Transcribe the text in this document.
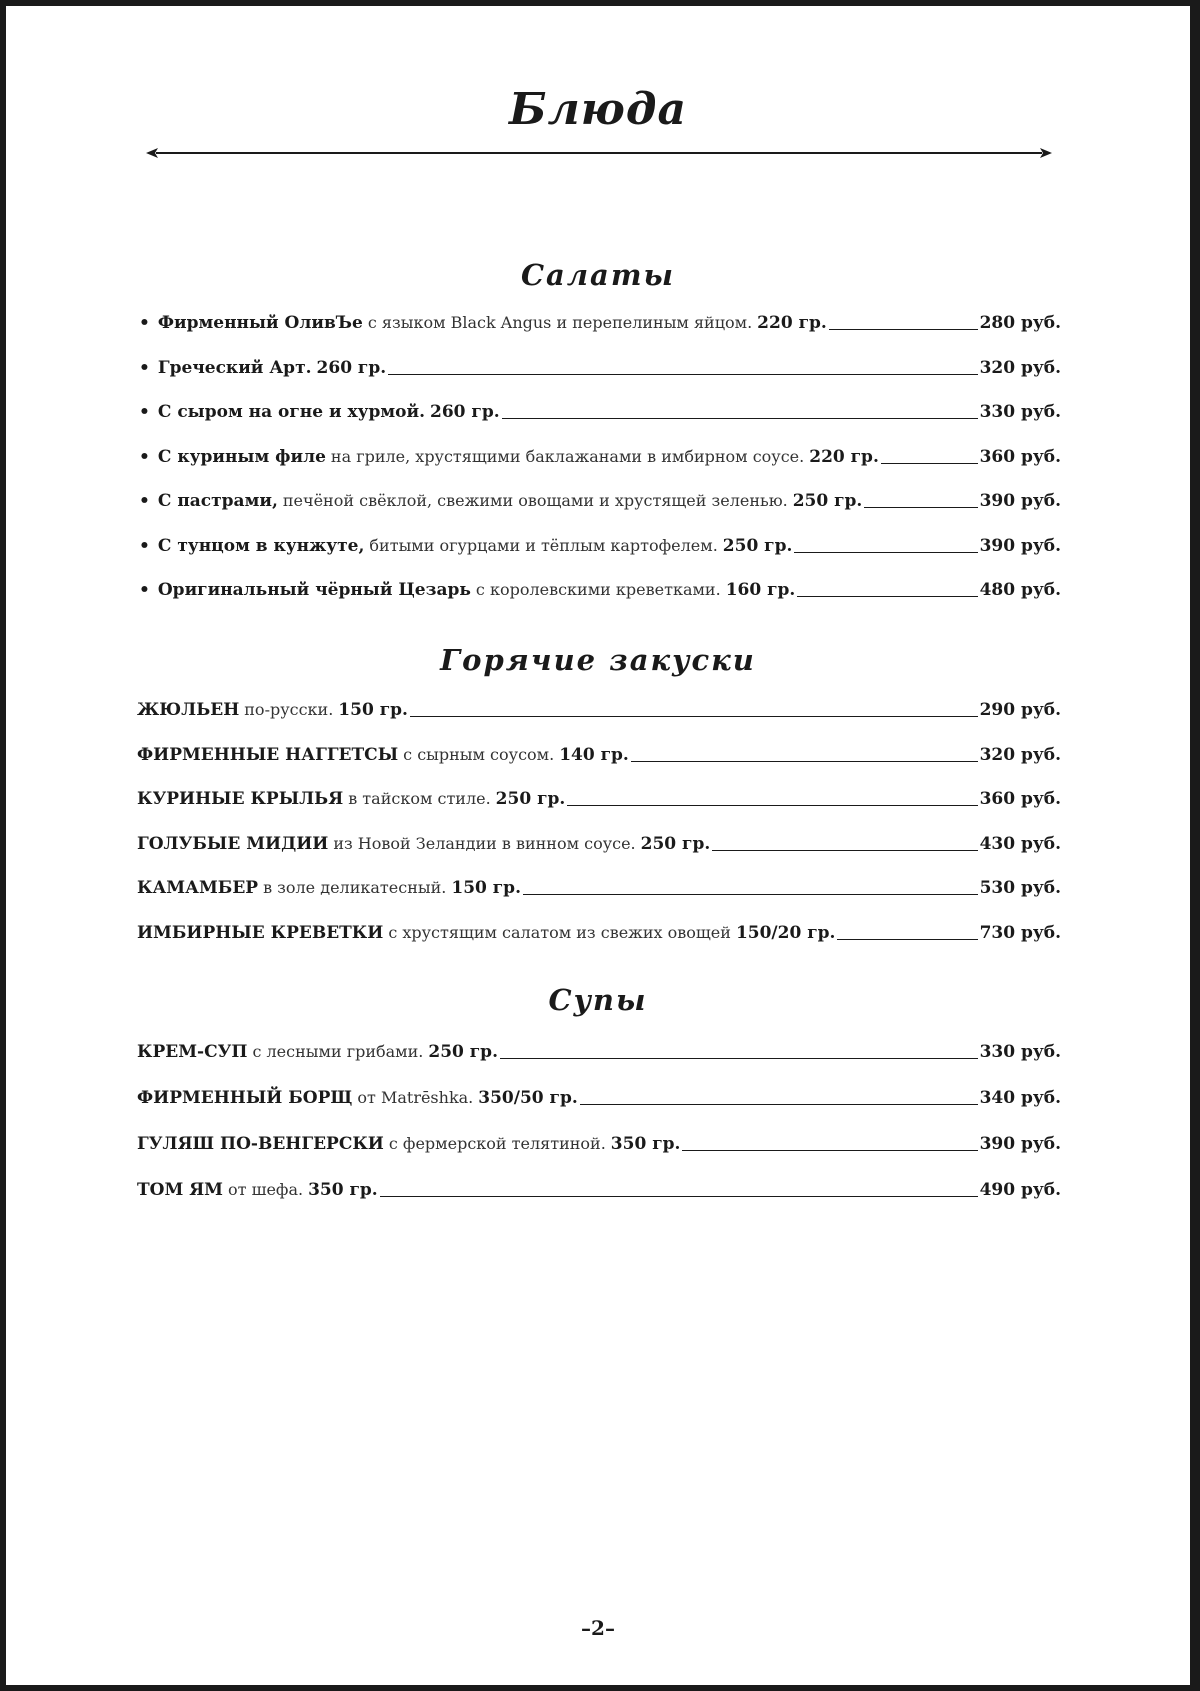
Блюда
Салаты
• Фирменный ОливЪе с языком Black Angus и перепелиным яйцом. 220 гр.	280 руб.
• Греческий Арт. 260 гр.	320 руб.
• С сыром на огне и хурмой. 260 гр.	330 руб.
• С куриным филе на гриле, хрустящими баклажанами в имбирном соусе. 220 гр.	360 руб.
• С пастрами, печёной свёклой, свежими овощами и хрустящей зеленью. 250 гр.	390 руб.
• С тунцом в кунжуте, битыми огурцами и тёплым картофелем. 250 гр.	390 руб.
• Оригинальный чёрный Цезарь с королевскими креветками. 160 гр.	480 руб.
Горячие закуски
ЖЮЛЬЕН по-русски. 150 гр.	290 руб.
ФИРМЕННЫЕ НАГГЕТСЫ с сырным соусом. 140 гр.	320 руб.
КУРИНЫЕ КРЫЛЬЯ в тайском стиле. 250 гр.	360 руб.
ГОЛУБЫЕ МИДИИ из Новой Зеландии в винном соусе. 250 гр.	430 руб.
КАМАМБЕР в золе деликатесный. 150 гр.	530 руб.
ИМБИРНЫЕ КРЕВЕТКИ с хрустящим салатом из свежих овощей 150/20 гр.	730 руб.
Супы
КРЕМ-СУП с лесными грибами. 250 гр.	330 руб.
ФИРМЕННЫЙ БОРЩ от Matrēshka. 350/50 гр.	340 руб.
ГУЛЯШ ПО-ВЕНГЕРСКИ с фермерской телятиной. 350 гр.	390 руб.
ТОМ ЯМ от шефа. 350 гр.	490 руб.
–2–
